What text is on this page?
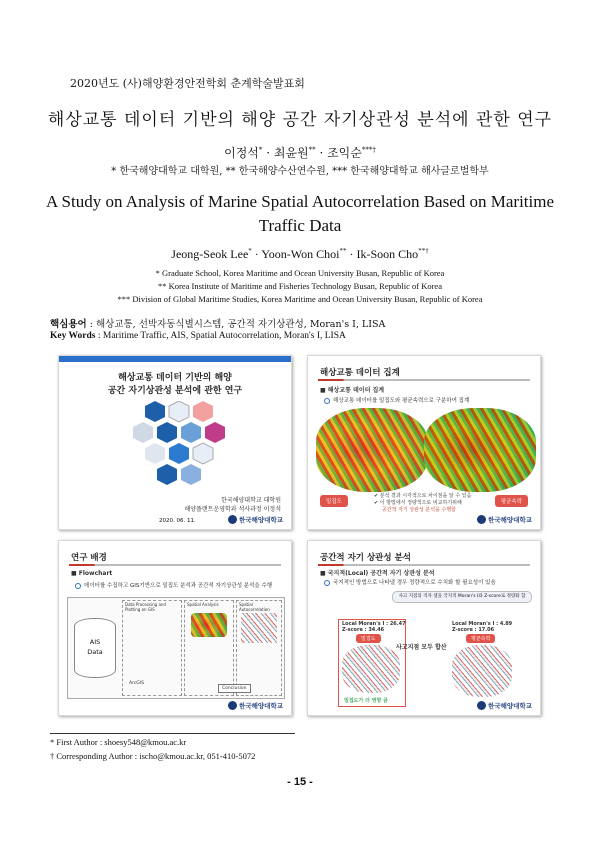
2020년도 (사)해양환경안전학회 춘계학술발표회
해상교통 데이터 기반의 해양 공간 자기상관성 분석에 관한 연구
이정석* · 최윤원** · 조익순***†
* 한국해양대학교 대학원, ** 한국해양수산연수원, *** 한국해양대학교 해사글로벌학부
A Study on Analysis of Marine Spatial Autocorrelation Based on Maritime Traffic Data
Jeong-Seok Lee* · Yoon-Won Choi** · Ik-Soon Cho**†
* Graduate School, Korea Maritime and Ocean University Busan, Republic of Korea
** Korea Institute of Maritime and Fisheries Technology Busan, Republic of Korea
*** Division of Global Maritime Studies, Korea Maritime and Ocean University Busan, Republic of Korea
핵심용어 : 해상교통, 선박자동식별시스템, 공간적 자기상관성, Moran's I, LISA
Key Words : Maritime Traffic, AIS, Spatial Autocorrelation, Moran's I, LISA
해상교통 데이터 기반의 해양
공간 자기상관성 분석에 관한 연구
한국해양대학교 대학원
해양플랜트운영학과 석사과정 이정석
2020. 06. 11.	한국해양대학교
해상교통 데이터 집계
■ 해상교통 데이터 집계
해상교통 데이터를 밀집도와 평균속력으로 구분하여 집계
밀집도	평균속력
✔ 분석 결과 시각적으로 차이점을 알 수 있음
✔ 이 방법에서 정량적으로 비교하기위해
공간적 자기 상관성 분석을 수행함
한국해양대학교
연구 배경
■ Flowchart
데이터를 수집하고 GIS기반으로 밀집도 분석과 공간적 자기상관성 분석을 수행
AIS
Data
Data Processing and Plotting on GIS
ArcGIS
Spatial Analysis	Spatial Autocorrelation
Conclusion
한국해양대학교
공간적 자기 상관성 분석
■ 국지적(Local) 공간적 자기 상관성 분석
국지적인 방법으로 나타낼 경우 정량적으로 수치화 할 필요성이 있음
사고 지점의 격자 셀을 국지적 Moran's I와 Z-score로 정량화 함
Local Moran's I : 26.47
Z-score : 34.46
밀집도
Local Moran's I : 4.89
Z-score : 17.06
평균속력
사고지점 모두 합산
밀집도가 더 영향 큼
한국해양대학교
* First Author : shoesy548@kmou.ac.kr
† Corresponding Author : ischo@kmou.ac.kr, 051-410-5072
- 15 -
